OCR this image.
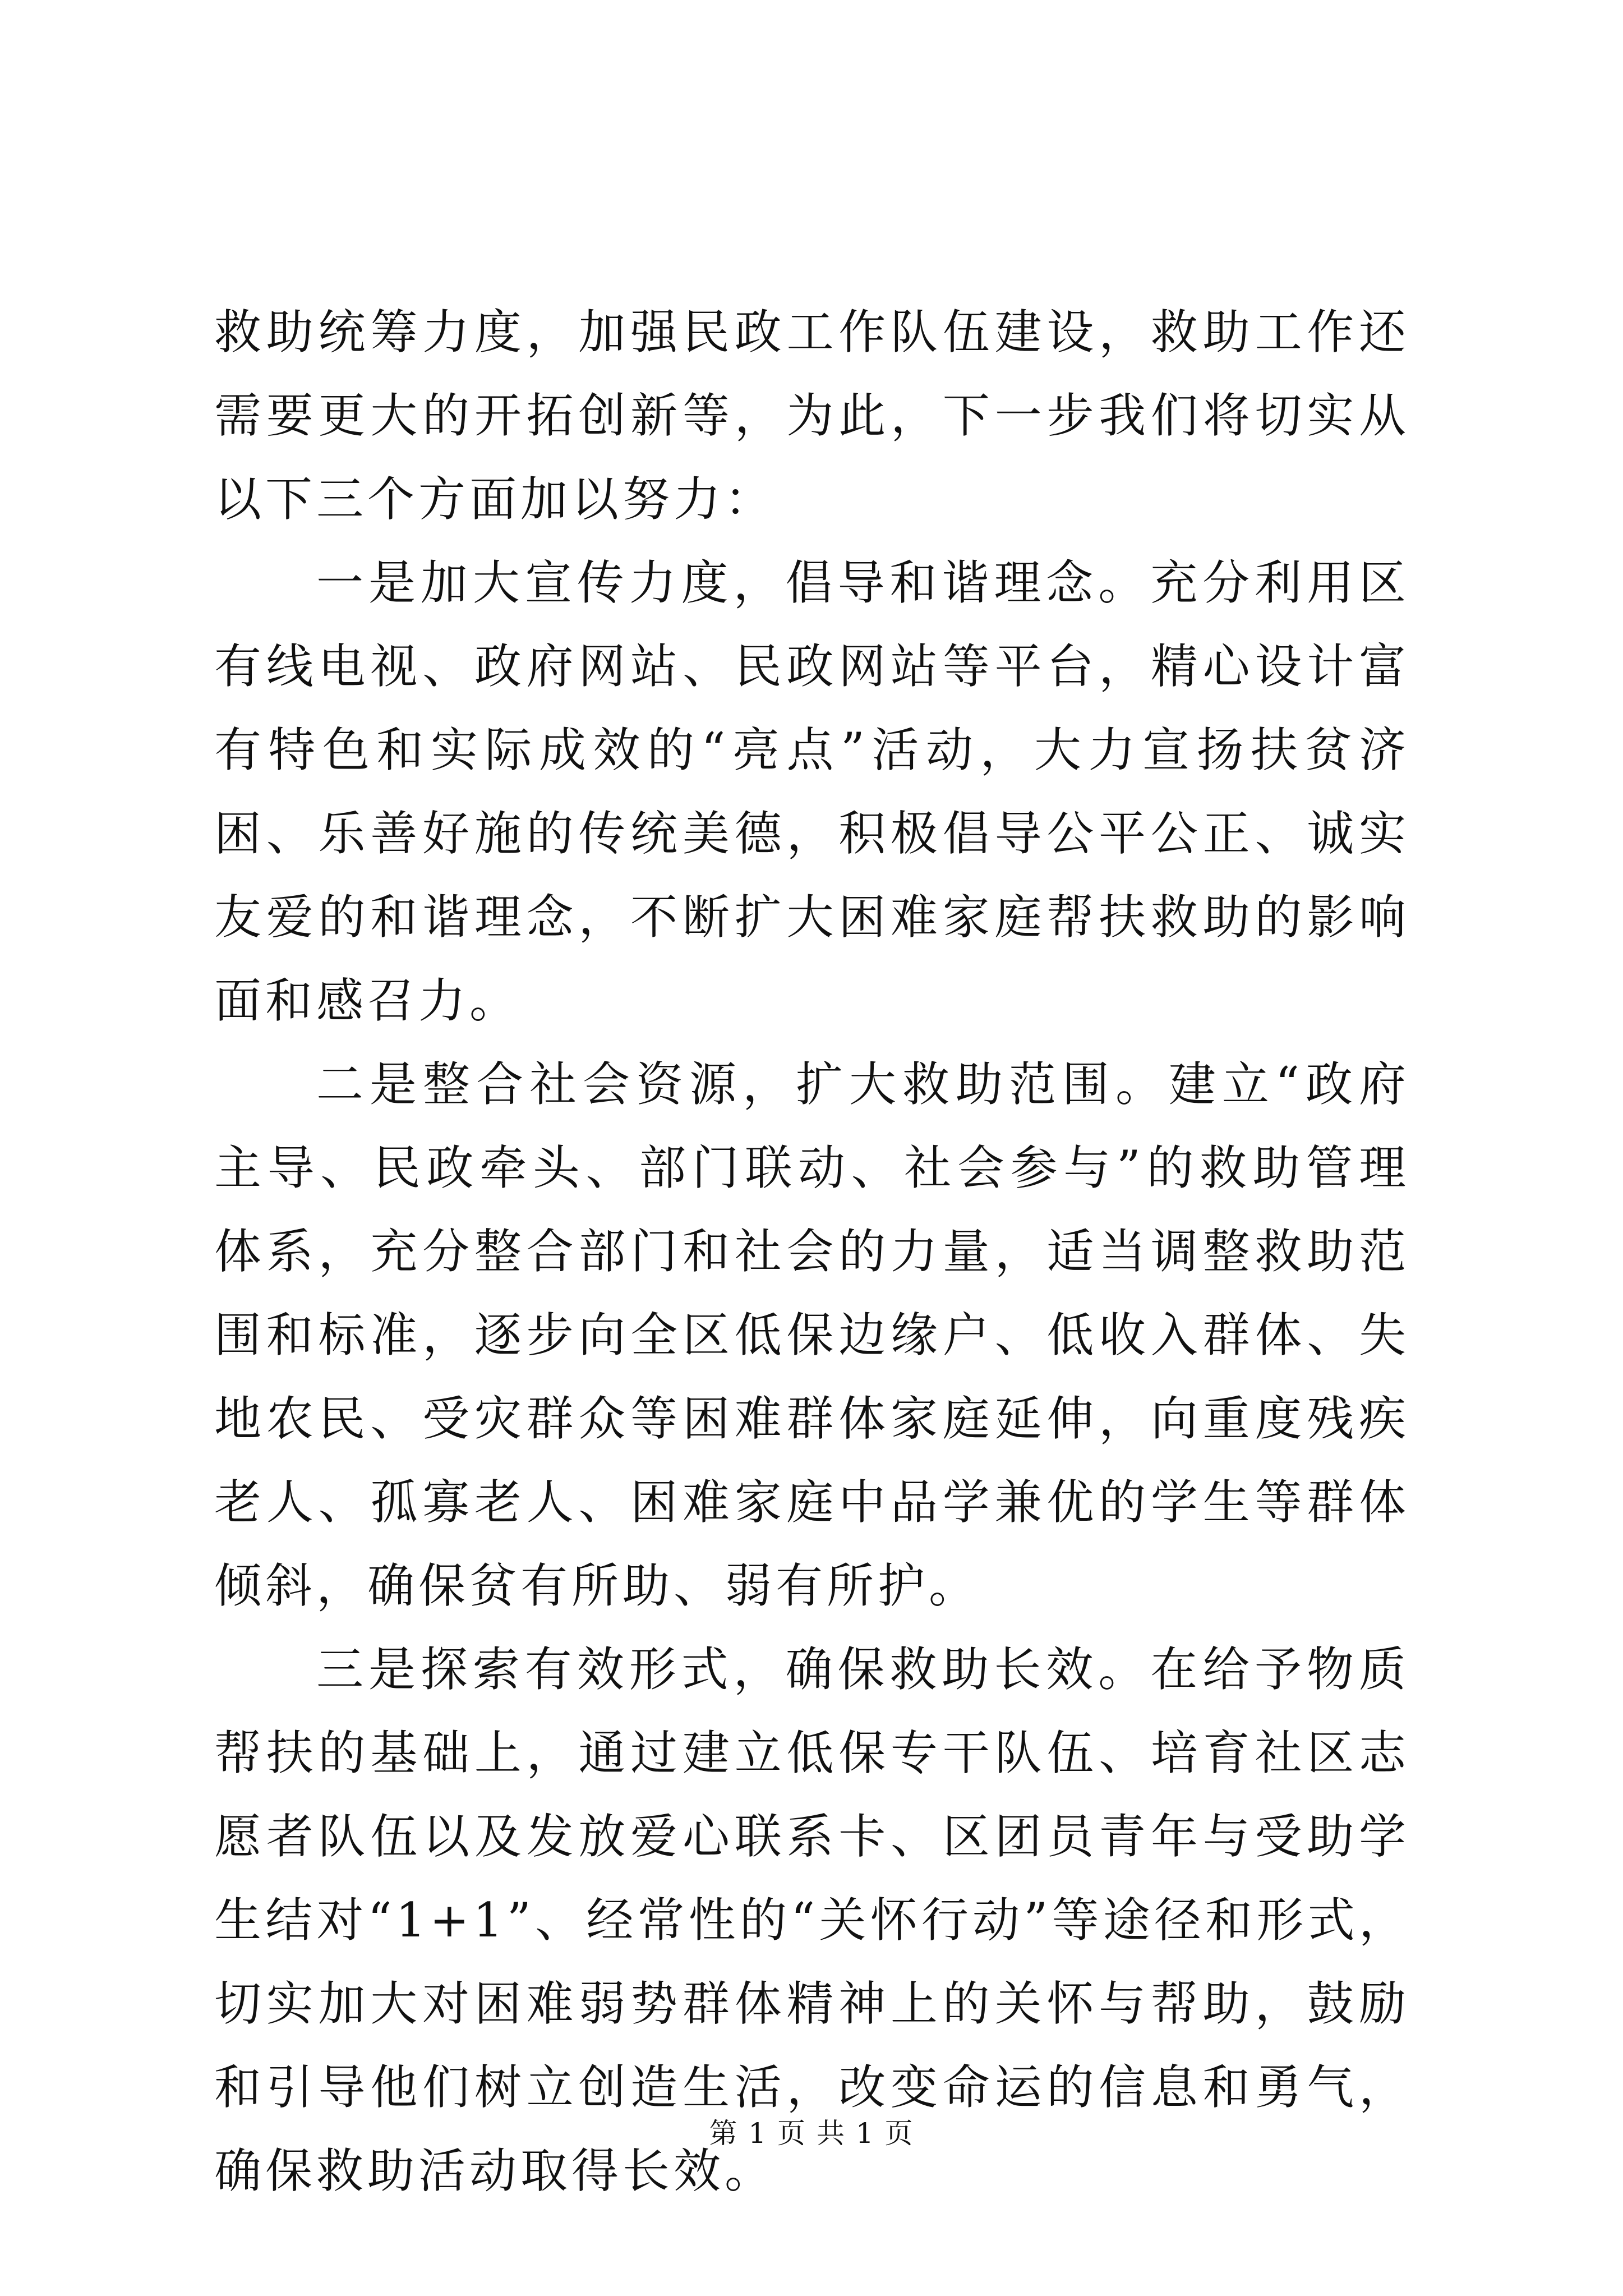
救助统筹力度，加强民政工作队伍建设，救助工作还需要更大的开拓创新等，为此，下一步我们将切实从以下三个方面加以努力：

一是加大宣传力度，倡导和谐理念。充分利用区有线电视、政府网站、民政网站等平台，精心设计富有特色和实际成效的“亮点”活动，大力宣扬扶贫济困、乐善好施的传统美德，积极倡导公平公正、诚实友爱的和谐理念，不断扩大困难家庭帮扶救助的影响面和感召力。

二是整合社会资源，扩大救助范围。建立“政府主导、民政牵头、部门联动、社会参与”的救助管理体系，充分整合部门和社会的力量，适当调整救助范围和标准，逐步向全区低保边缘户、低收入群体、失地农民、受灾群众等困难群体家庭延伸，向重度残疾老人、孤寡老人、困难家庭中品学兼优的学生等群体倾斜，确保贫有所助、弱有所护。

三是探索有效形式，确保救助长效。在给予物质帮扶的基础上，通过建立低保专干队伍、培育社区志愿者队伍以及发放爱心联系卡、区团员青年与受助学生结对“1+1”、经常性的“关怀行动”等途径和形式，切实加大对困难弱势群体精神上的关怀与帮助，鼓励和引导他们树立创造生活，改变命运的信息和勇气，确保救助活动取得长效。

第 1 页 共 1 页
